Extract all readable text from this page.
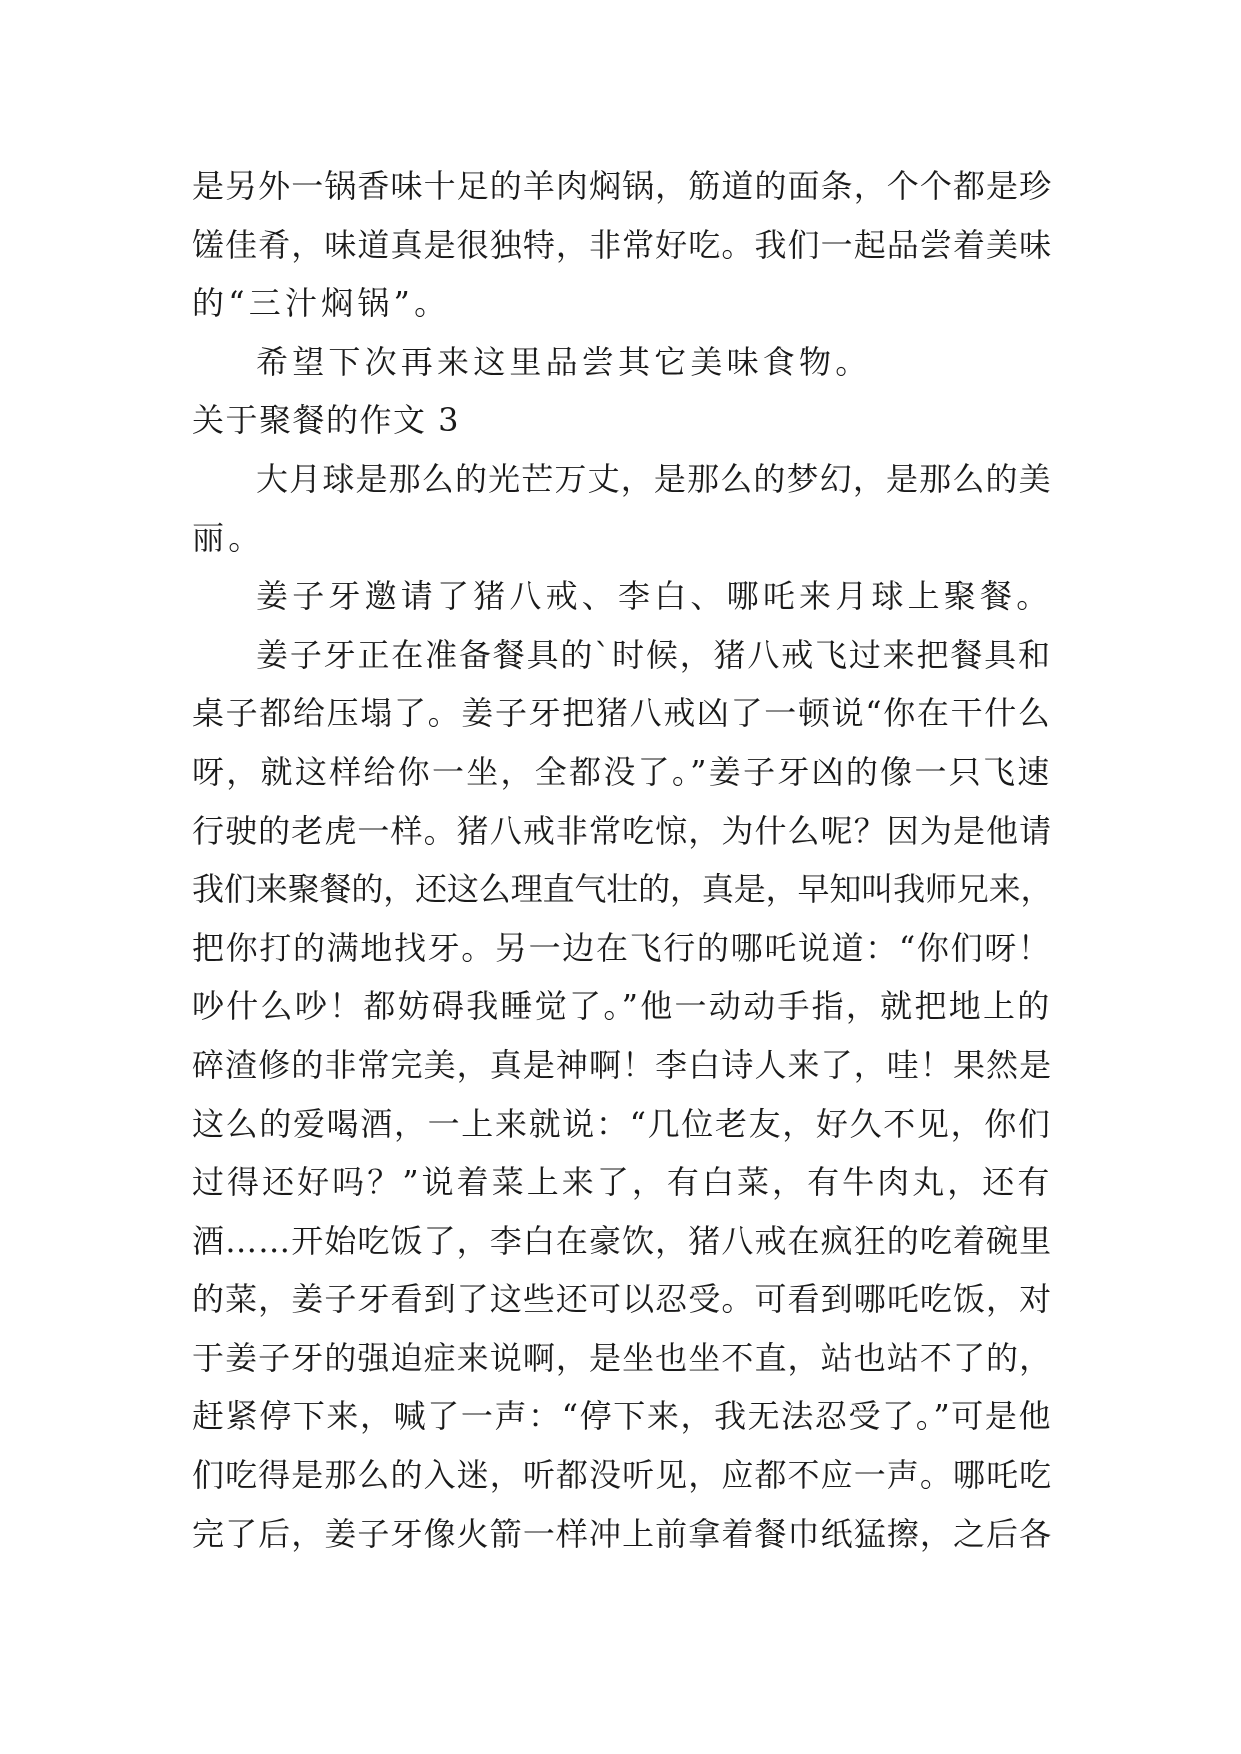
是另外一锅香味十足的羊肉焖锅，筋道的面条，个个都是珍
馐佳肴，味道真是很独特，非常好吃。我们一起品尝着美味
的“三汁焖锅”。
希望下次再来这里品尝其它美味食物。
关于聚餐的作文 3
大月球是那么的光芒万丈，是那么的梦幻，是那么的美
丽。
姜子牙邀请了猪八戒、李白、哪吒来月球上聚餐。
姜子牙正在准备餐具的`时候，猪八戒飞过来把餐具和
桌子都给压塌了。姜子牙把猪八戒凶了一顿说“你在干什么
呀，就这样给你一坐，全都没了。”姜子牙凶的像一只飞速
行驶的老虎一样。猪八戒非常吃惊，为什么呢？因为是他请
我们来聚餐的，还这么理直气壮的，真是，早知叫我师兄来，
把你打的满地找牙。另一边在飞行的哪吒说道：“你们呀！
吵什么吵！都妨碍我睡觉了。”他一动动手指，就把地上的
碎渣修的非常完美，真是神啊！李白诗人来了，哇！果然是
这么的爱喝酒，一上来就说：“几位老友，好久不见，你们
过得还好吗？”说着菜上来了，有白菜，有牛肉丸，还有
酒……开始吃饭了，李白在豪饮，猪八戒在疯狂的吃着碗里
的菜，姜子牙看到了这些还可以忍受。可看到哪吒吃饭，对
于姜子牙的强迫症来说啊，是坐也坐不直，站也站不了的，
赶紧停下来，喊了一声：“停下来，我无法忍受了。”可是他
们吃得是那么的入迷，听都没听见，应都不应一声。哪吒吃
完了后，姜子牙像火箭一样冲上前拿着餐巾纸猛擦，之后各
